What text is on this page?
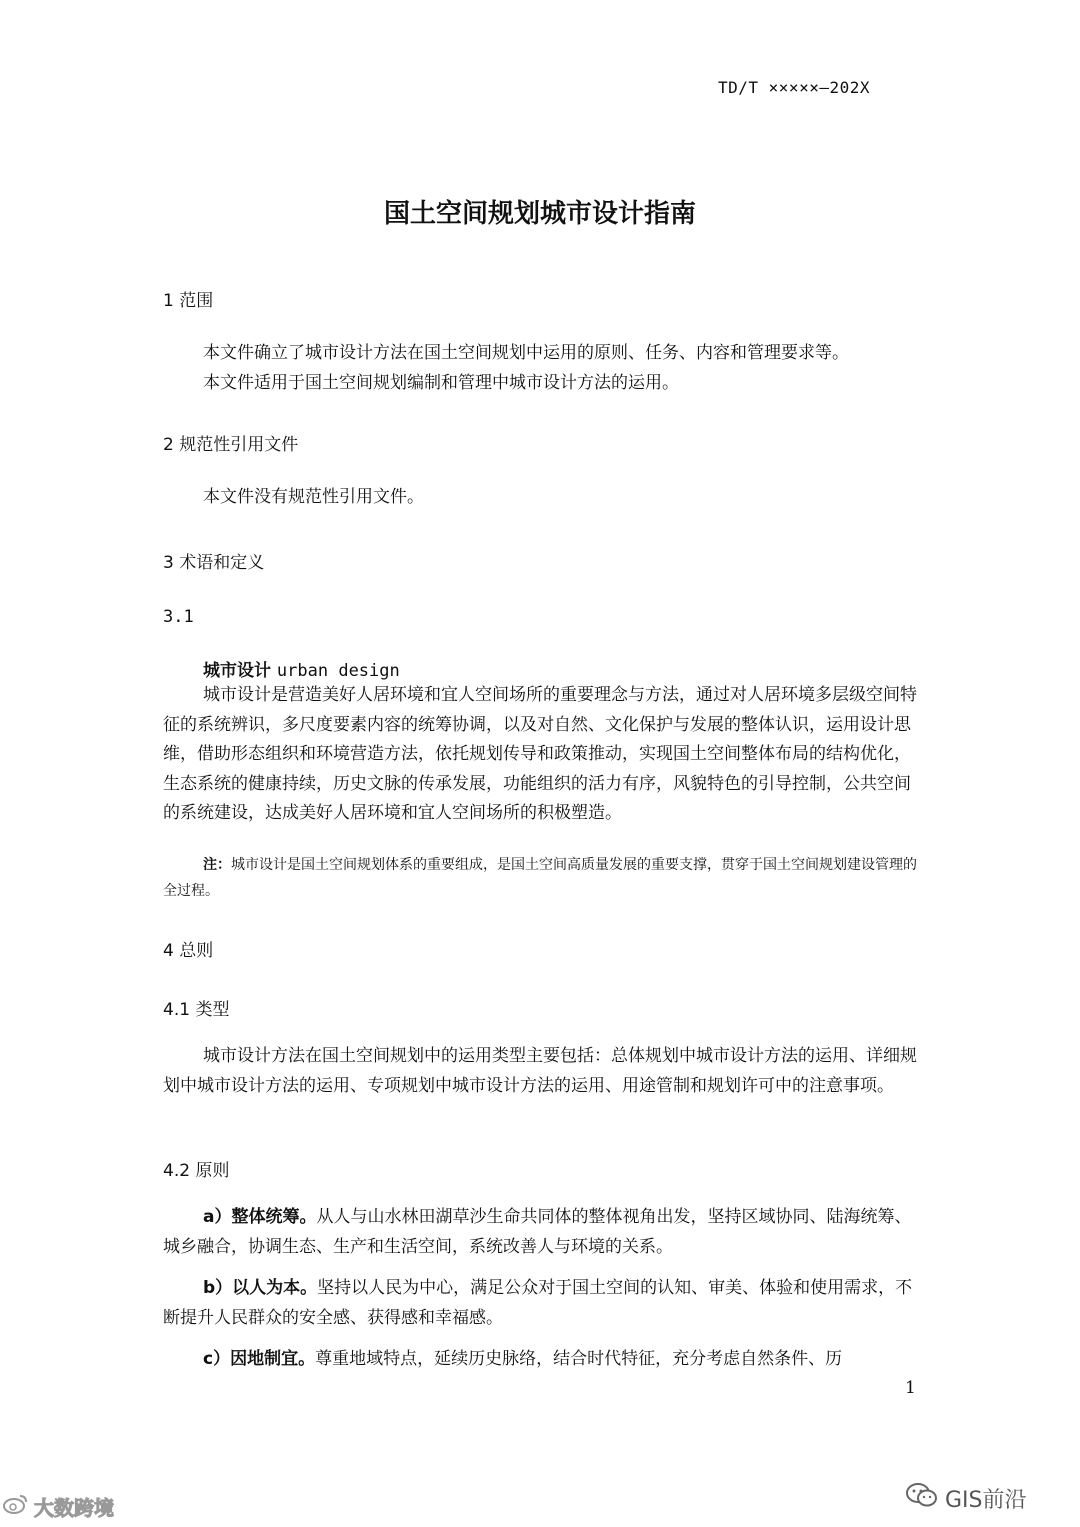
TD/T ×××××—202X
国土空间规划城市设计指南
1 范围
本文件确立了城市设计方法在国土空间规划中运用的原则、任务、内容和管理要求等。
本文件适用于国土空间规划编制和管理中城市设计方法的运用。
2 规范性引用文件
本文件没有规范性引用文件。
3 术语和定义
3.1
城市设计 urban design
城市设计是营造美好人居环境和宜人空间场所的重要理念与方法，通过对人居环境多层级空间特征的系统辨识，多尺度要素内容的统筹协调，以及对自然、文化保护与发展的整体认识，运用设计思维，借助形态组织和环境营造方法，依托规划传导和政策推动，实现国土空间整体布局的结构优化，生态系统的健康持续，历史文脉的传承发展，功能组织的活力有序，风貌特色的引导控制，公共空间的系统建设，达成美好人居环境和宜人空间场所的积极塑造。
注：城市设计是国土空间规划体系的重要组成，是国土空间高质量发展的重要支撑，贯穿于国土空间规划建设管理的全过程。
4 总则
4.1 类型
城市设计方法在国土空间规划中的运用类型主要包括：总体规划中城市设计方法的运用、详细规划中城市设计方法的运用、专项规划中城市设计方法的运用、用途管制和规划许可中的注意事项。
4.2 原则
a）整体统筹。从人与山水林田湖草沙生命共同体的整体视角出发，坚持区域协同、陆海统筹、城乡融合，协调生态、生产和生活空间，系统改善人与环境的关系。
b）以人为本。坚持以人民为中心，满足公众对于国土空间的认知、审美、体验和使用需求，不断提升人民群众的安全感、获得感和幸福感。
c）因地制宜。尊重地域特点，延续历史脉络，结合时代特征，充分考虑自然条件、历
1
GIS前沿
大数跨境
